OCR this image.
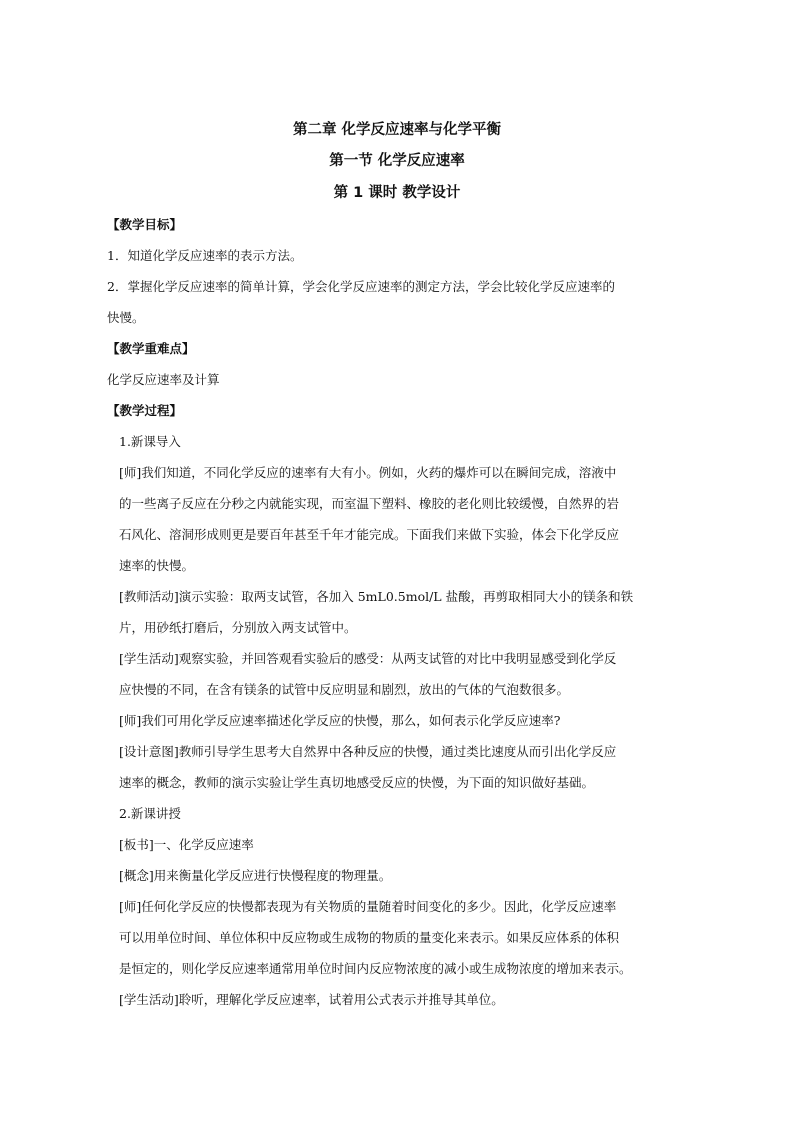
第二章 化学反应速率与化学平衡
第一节 化学反应速率
第 1 课时 教学设计
【教学目标】
1．知道化学反应速率的表示方法。
2．掌握化学反应速率的简单计算，学会化学反应速率的测定方法，学会比较化学反应速率的
快慢。
【教学重难点】
化学反应速率及计算
【教学过程】
1.新课导入
[师]我们知道，不同化学反应的速率有大有小。例如，火药的爆炸可以在瞬间完成，溶液中
的一些离子反应在分秒之内就能实现，而室温下塑料、橡胶的老化则比较缓慢，自然界的岩
石风化、溶洞形成则更是要百年甚至千年才能完成。下面我们来做下实验，体会下化学反应
速率的快慢。
[教师活动]演示实验：取两支试管，各加入 5mL0.5mol/L 盐酸，再剪取相同大小的镁条和铁
片，用砂纸打磨后，分别放入两支试管中。
[学生活动]观察实验，并回答观看实验后的感受：从两支试管的对比中我明显感受到化学反
应快慢的不同，在含有镁条的试管中反应明显和剧烈，放出的气体的气泡数很多。
[师]我们可用化学反应速率描述化学反应的快慢，那么，如何表示化学反应速率?
[设计意图]教师引导学生思考大自然界中各种反应的快慢，通过类比速度从而引出化学反应
速率的概念，教师的演示实验让学生真切地感受反应的快慢，为下面的知识做好基础。
2.新课讲授
[板书]一、化学反应速率
[概念]用来衡量化学反应进行快慢程度的物理量。
[师]任何化学反应的快慢都表现为有关物质的量随着时间变化的多少。因此，化学反应速率
可以用单位时间、单位体积中反应物或生成物的物质的量变化来表示。如果反应体系的体积
是恒定的，则化学反应速率通常用单位时间内反应物浓度的减小或生成物浓度的增加来表示。
[学生活动]聆听，理解化学反应速率，试着用公式表示并推导其单位。
